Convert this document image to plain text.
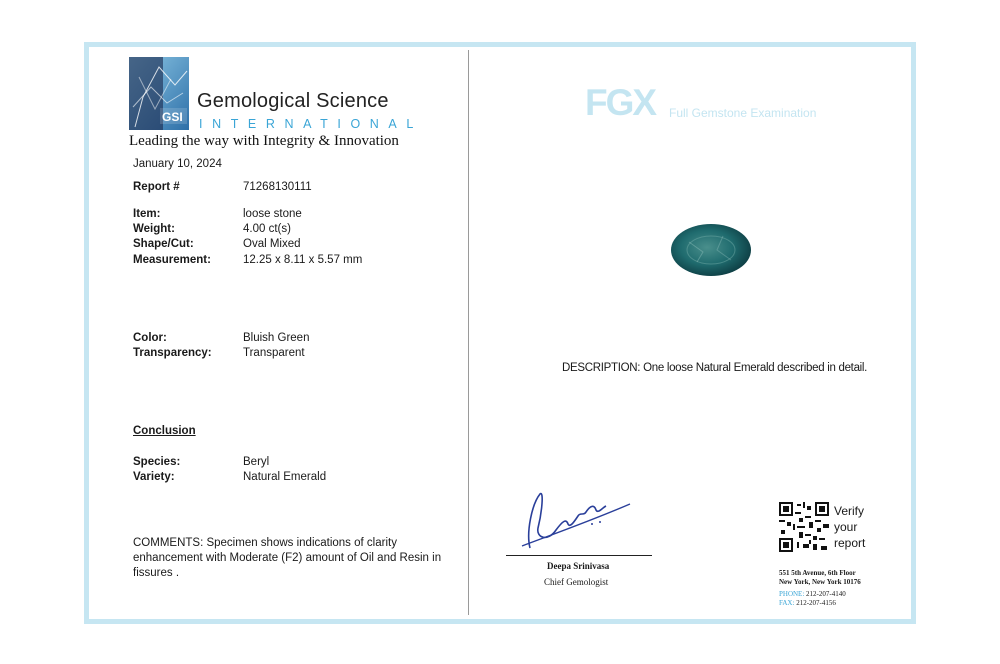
GSI
Gemological Science
INTERNATIONAL
Leading the way with Integrity & Innovation
January 10, 2024
Report #	71268130111
Item:	loose stone
Weight:	4.00 ct(s)
Shape/Cut:	Oval Mixed
Measurement:	12.25 x 8.11 x 5.57 mm
Color:	Bluish Green
Transparency:	Transparent
Conclusion
Species:	Beryl
Variety:	Natural Emerald
COMMENTS: Specimen shows indications of clarity enhancement with Moderate (F2) amount of Oil and Resin in fissures .
FGX Full Gemstone Examination
DESCRIPTION: One loose Natural Emerald described in detail.
Deepa Srinivasa
Chief Gemologist
Verify
your
report
551 5th Avenue, 6th Floor
New York, New York 10176
PHONE: 212-207-4140
FAX: 212-207-4156
